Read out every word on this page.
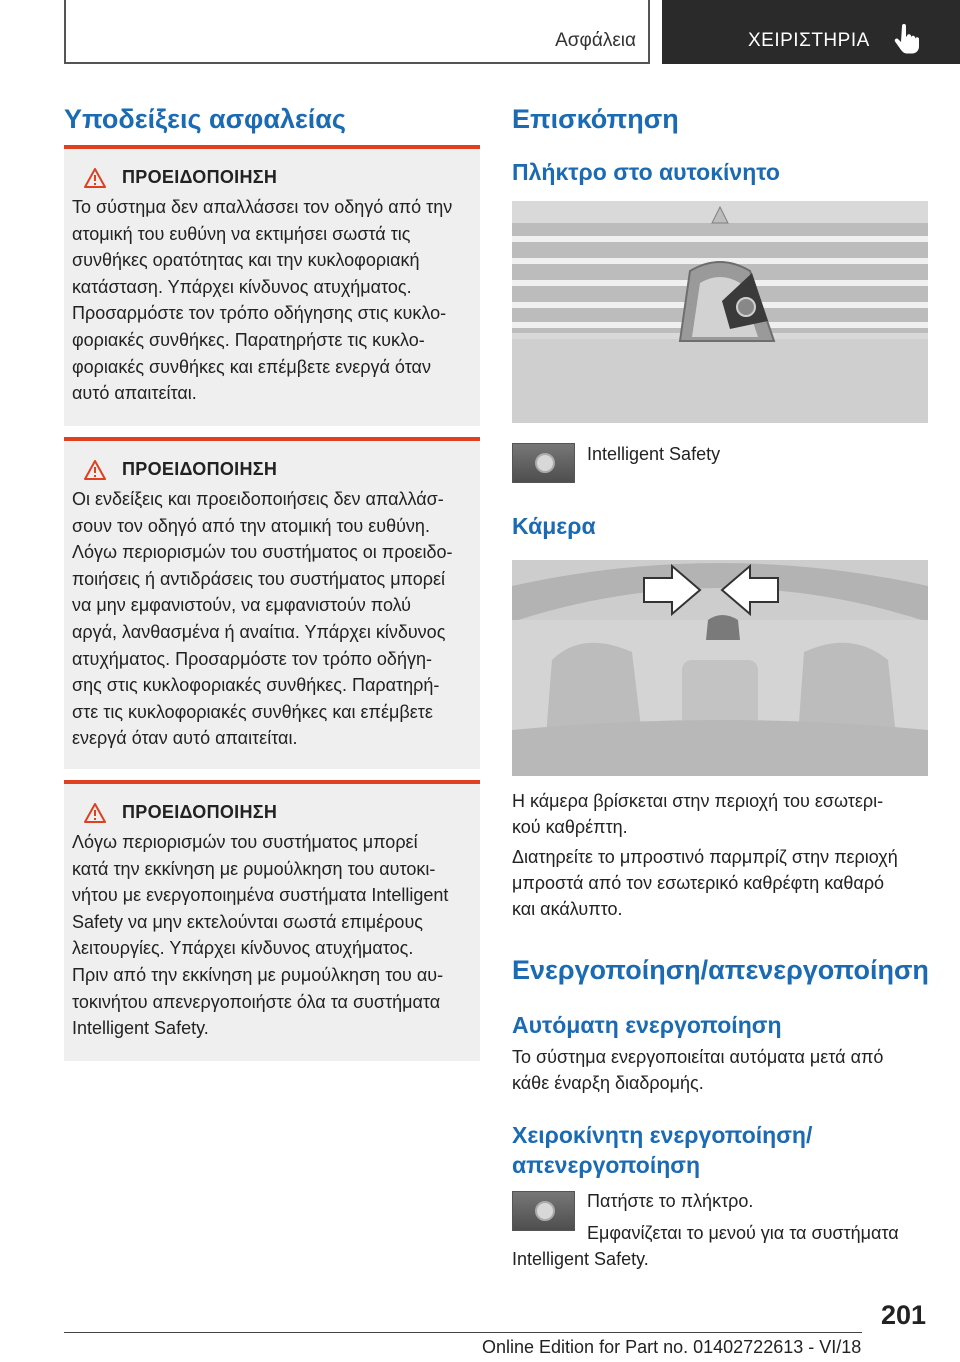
Ασφάλεια	ΧΕΙΡΙΣΤΗΡΙΑ
Υποδείξεις ασφαλείας
ΠΡΟΕΙΔΟΠΟΙΗΣΗ
Το σύστημα δεν απαλλάσσει τον οδηγό από την
ατομική του ευθύνη να εκτιμήσει σωστά τις
συνθήκες ορατότητας και την κυκλοφοριακή
κατάσταση. Υπάρχει κίνδυνος ατυχήματος.
Προσαρμόστε τον τρόπο οδήγησης στις κυκλο-
φοριακές συνθήκες. Παρατηρήστε τις κυκλο-
φοριακές συνθήκες και επέμβετε ενεργά όταν
αυτό απαιτείται.
ΠΡΟΕΙΔΟΠΟΙΗΣΗ
Οι ενδείξεις και προειδοποιήσεις δεν απαλλάσ-
σουν τον οδηγό από την ατομική του ευθύνη.
Λόγω περιορισμών του συστήματος οι προειδο-
ποιήσεις ή αντιδράσεις του συστήματος μπορεί
να μην εμφανιστούν, να εμφανιστούν πολύ
αργά, λανθασμένα ή αναίτια. Υπάρχει κίνδυνος
ατυχήματος. Προσαρμόστε τον τρόπο οδήγη-
σης στις κυκλοφοριακές συνθήκες. Παρατηρή-
στε τις κυκλοφοριακές συνθήκες και επέμβετε
ενεργά όταν αυτό απαιτείται.
ΠΡΟΕΙΔΟΠΟΙΗΣΗ
Λόγω περιορισμών του συστήματος μπορεί
κατά την εκκίνηση με ρυμούλκηση του αυτοκι-
νήτου με ενεργοποιημένα συστήματα Intelligent
Safety να μην εκτελούνται σωστά επιμέρους
λειτουργίες. Υπάρχει κίνδυνος ατυχήματος.
Πριν από την εκκίνηση με ρυμούλκηση του αυ-
τοκινήτου απενεργοποιήστε όλα τα συστήματα
Intelligent Safety.
Επισκόπηση
Πλήκτρο στο αυτοκίνητο
Intelligent Safety
Κάμερα
Η κάμερα βρίσκεται στην περιοχή του εσωτερι-
κού καθρέπτη.
Διατηρείτε το μπροστινό παρμπρίζ στην περιοχή
μπροστά από τον εσωτερικό καθρέφτη καθαρό
και ακάλυπτο.
Ενεργοποίηση/απενεργοποίηση
Αυτόματη ενεργοποίηση
Το σύστημα ενεργοποιείται αυτόματα μετά από
κάθε έναρξη διαδρομής.
Χειροκίνητη ενεργοποίηση/
απενεργοποίηση
Πατήστε το πλήκτρο.
Εμφανίζεται το μενού για τα συστήματα
Intelligent Safety.
201
Online Edition for Part no. 01402722613 - VI/18
